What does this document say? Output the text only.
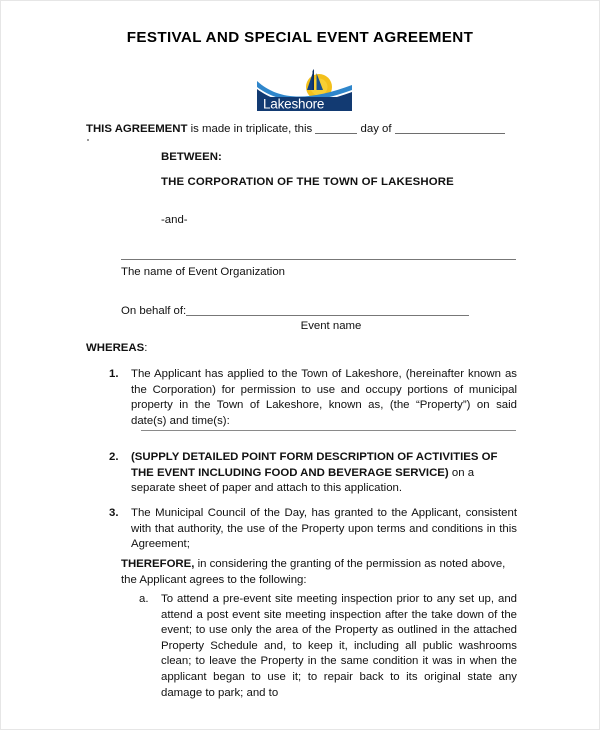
FESTIVAL AND SPECIAL EVENT AGREEMENT
Lakeshore
THIS AGREEMENT is made in triplicate, this	day of
BETWEEN:
THE CORPORATION OF THE TOWN OF LAKESHORE
-and-
The name of Event Organization
On behalf of:
Event name
WHEREAS:
1. The Applicant has applied to the Town of Lakeshore, (hereinafter known as the Corporation) for permission to use and occupy portions of municipal property in the Town of Lakeshore, known as, (the “Property”) on said date(s) and time(s):
2. (SUPPLY DETAILED POINT FORM DESCRIPTION OF ACTIVITIES OF THE EVENT INCLUDING FOOD AND BEVERAGE SERVICE) on a separate sheet of paper and attach to this application.
3. The Municipal Council of the Day, has granted to the Applicant, consistent with that authority, the use of the Property upon terms and conditions in this Agreement;
THEREFORE, in considering the granting of the permission as noted above, the Applicant agrees to the following:
a. To attend a pre-event site meeting inspection prior to any set up, and attend a post event site meeting inspection after the take down of the event; to use only the area of the Property as outlined in the attached Property Schedule and, to keep it, including all public washrooms clean; to leave the Property in the same condition it was in when the applicant began to use it; to repair back to its original state any damage to park; and to
